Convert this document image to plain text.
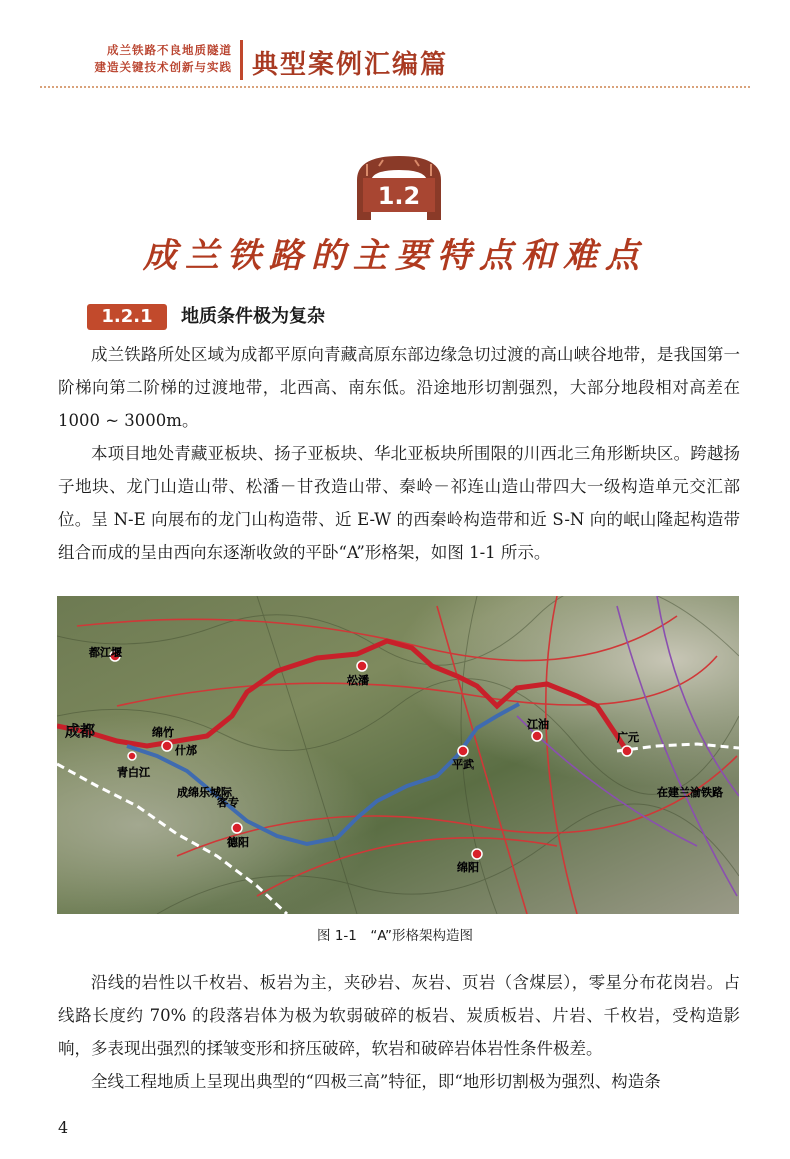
成兰铁路不良地质隧道
建造关键技术创新与实践 典型案例汇编篇
1.2
成兰铁路的主要特点和难点
1.2.1	地质条件极为复杂

成兰铁路所处区域为成都平原向青藏高原东部边缘急切过渡的高山峡谷地带，是我国第一阶梯向第二阶梯的过渡地带，北西高、南东低。沿途地形切割强烈，大部分地段相对高差在 1000 ~ 3000m。

本项目地处青藏亚板块、扬子亚板块、华北亚板块所围限的川西北三角形断块区。跨越扬子地块、龙门山造山带、松潘－甘孜造山带、秦岭－祁连山造山带四大一级构造单元交汇部位。呈 N-E 向展布的龙门山构造带、近 E-W 的西秦岭构造带和近 S-N 向的岷山隆起构造带组合而成的呈由西向东逐渐收敛的平卧“A”形格架，如图 1-1 所示。

成都
都江堰
绵竹
什邡
松潘
平武
江油
广元
在建兰渝铁路
成绵乐城际
客专
青白江
德阳
绵阳
图 1-1　“A”形格架构造图

沿线的岩性以千枚岩、板岩为主，夹砂岩、灰岩、页岩（含煤层），零星分布花岗岩。占线路长度约 70% 的段落岩体为极为软弱破碎的板岩、炭质板岩、片岩、千枚岩，受构造影响，多表现出强烈的揉皱变形和挤压破碎，软岩和破碎岩体岩性条件极差。

全线工程地质上呈现出典型的“四极三高”特征，即“地形切割极为强烈、构造条

4
